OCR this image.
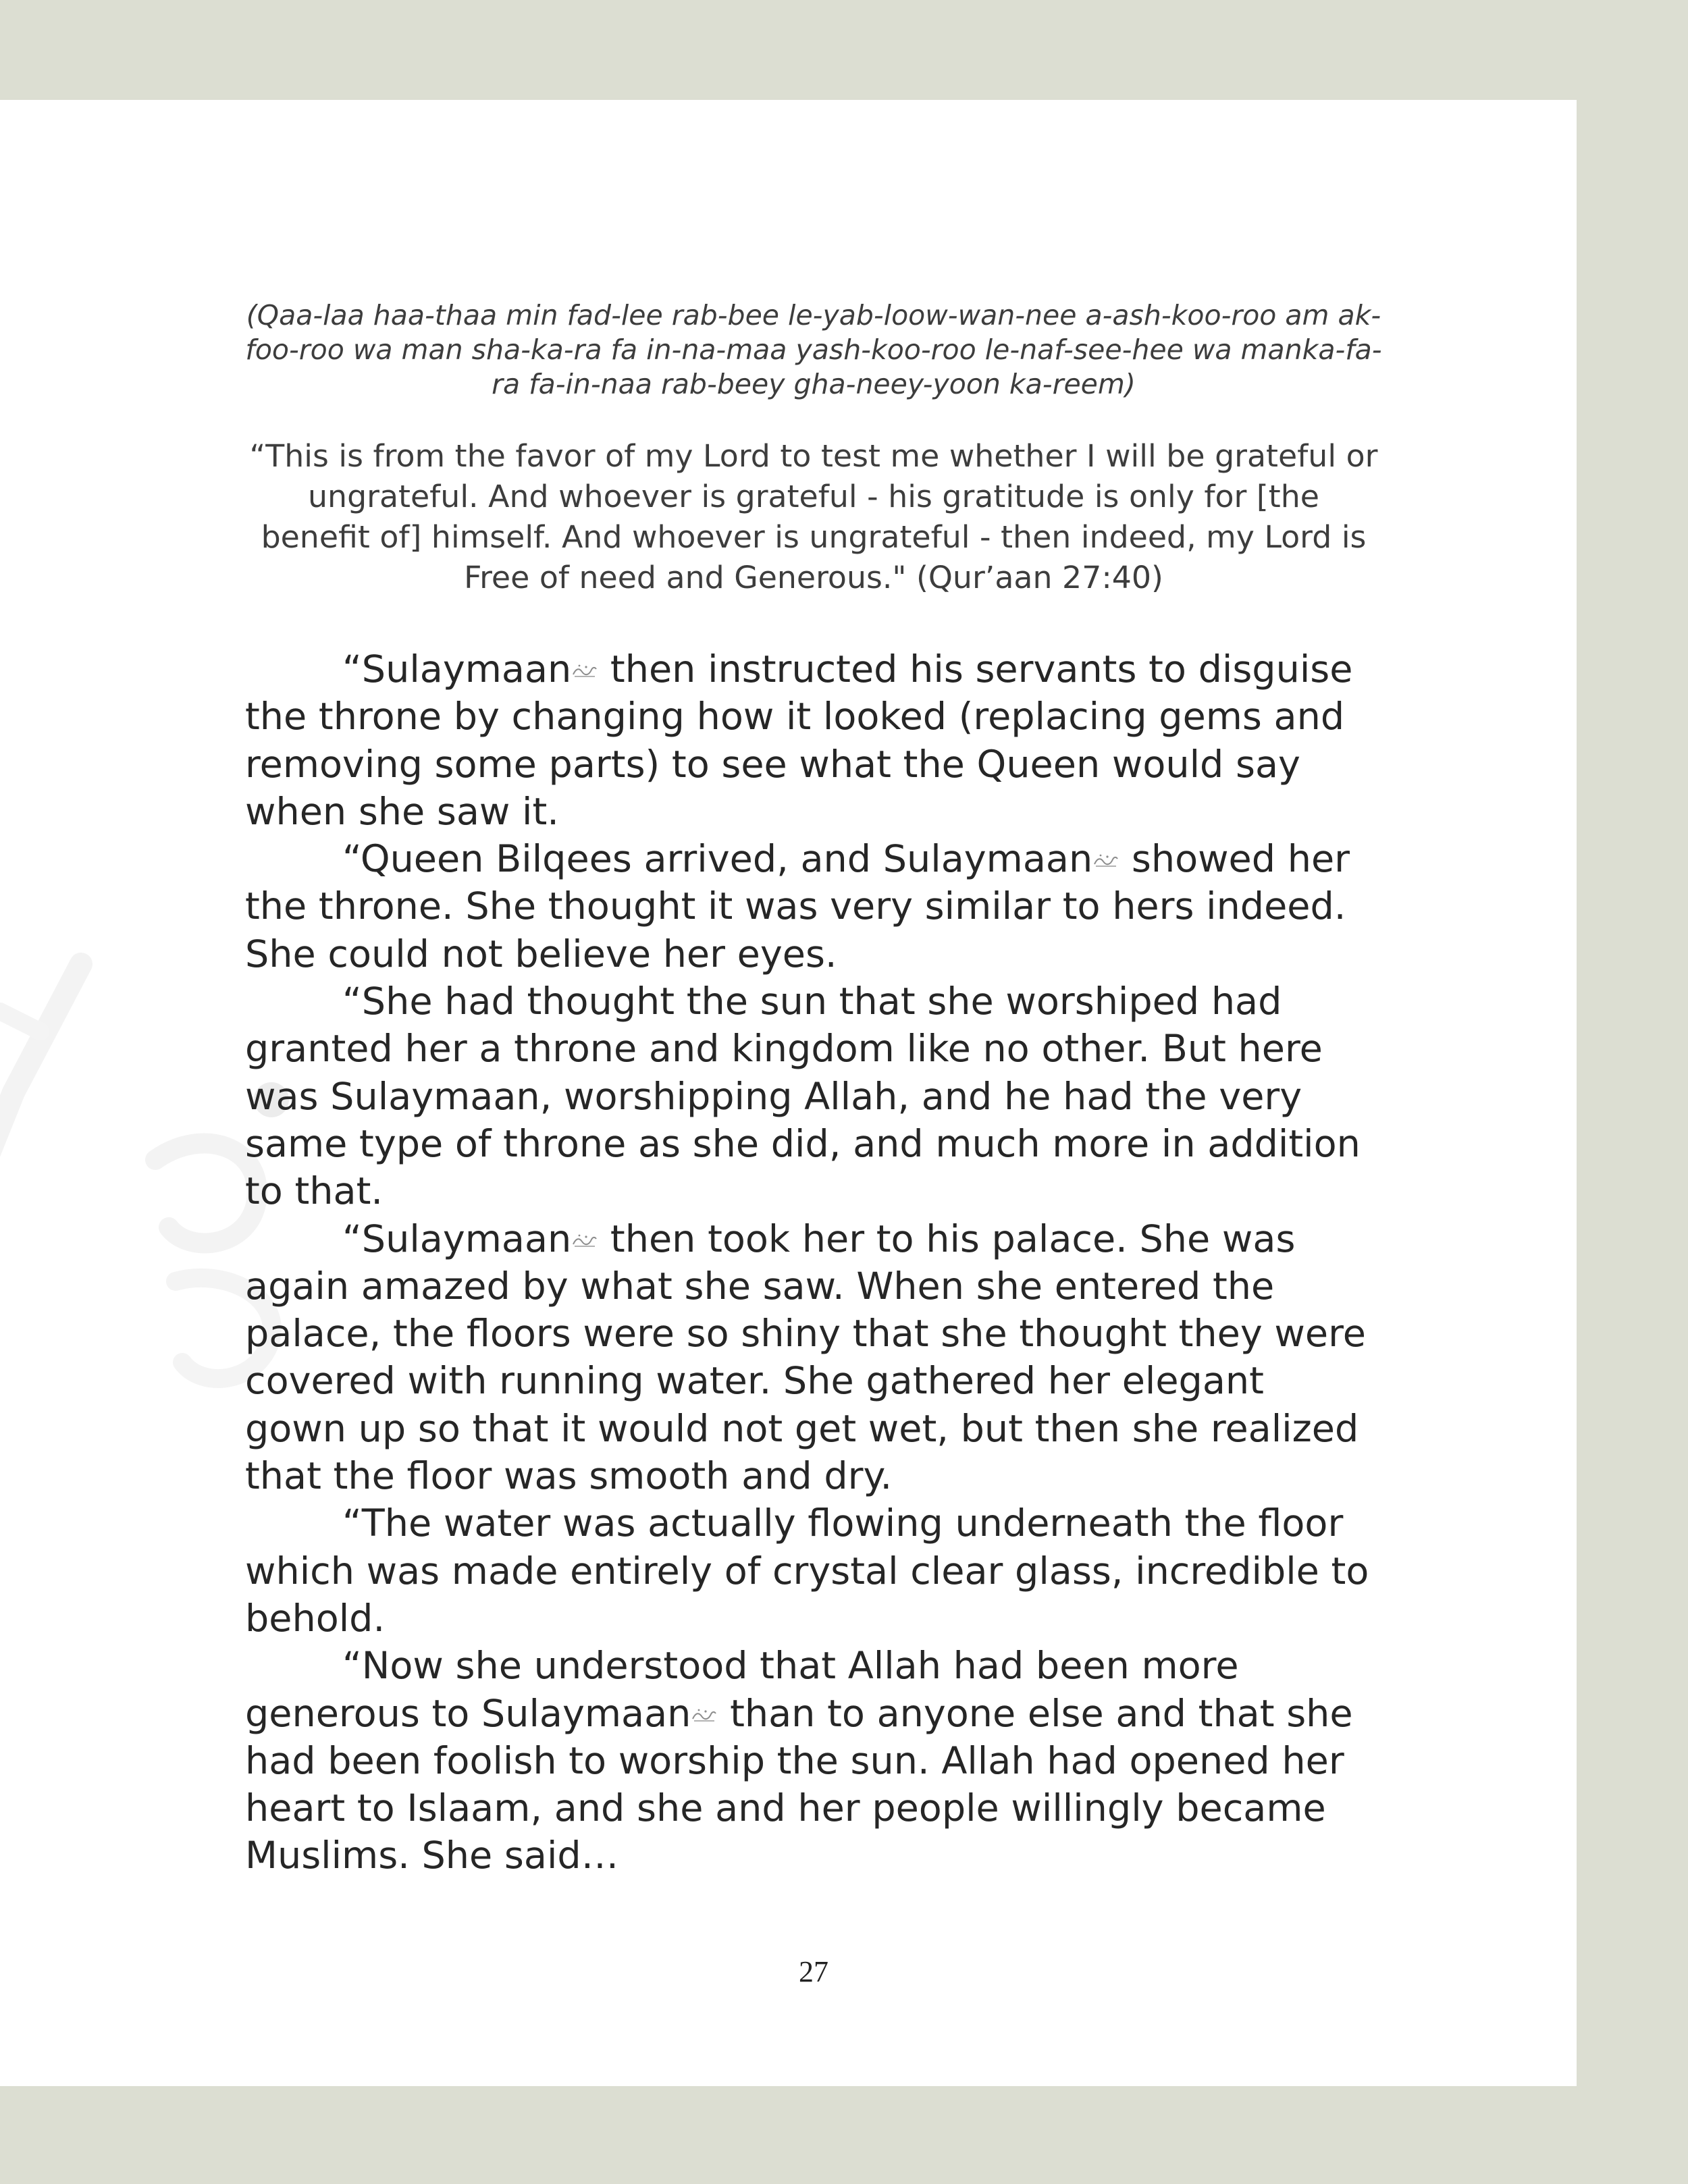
(Qaa-laa haa-thaa min fad-lee rab-bee le-yab-loow-wan-nee a-ash-koo-roo am ak-
foo-roo wa man sha-ka-ra fa in-na-maa yash-koo-roo le-naf-see-hee wa manka-fa-
ra fa-in-naa rab-beey gha-neey-yoon ka-reem)
“This is from the favor of my Lord to test me whether I will be grateful or
ungrateful. And whoever is grateful - his gratitude is only for [the
benefit of] himself. And whoever is ungrateful - then indeed, my Lord is
Free of need and Generous." (Qur’aan 27:40)
“Sulaymaan
then instructed his servants to disguise
the throne by changing how it looked (replacing gems and
removing some parts) to see what the Queen would say
when she saw it.
“Queen Bilqees arrived, and Sulaymaan
showed her
the throne. She thought it was very similar to hers indeed.
She could not believe her eyes.
“She had thought the sun that she worshiped had
granted her a throne and kingdom like no other. But here
was Sulaymaan, worshipping Allah, and he had the very
same type of throne as she did, and much more in addition
to that.
“Sulaymaan
then took her to his palace. She was
again amazed by what she saw. When she entered the
palace, the floors were so shiny that she thought they were
covered with running water. She gathered her elegant
gown up so that it would not get wet, but then she realized
that the floor was smooth and dry.
“The water was actually flowing underneath the floor
which was made entirely of crystal clear glass, incredible to
behold.
“Now she understood that Allah had been more
generous to Sulaymaan
than to anyone else and that she
had been foolish to worship the sun. Allah had opened her
heart to Islaam, and she and her people willingly became
Muslims. She said…
27
